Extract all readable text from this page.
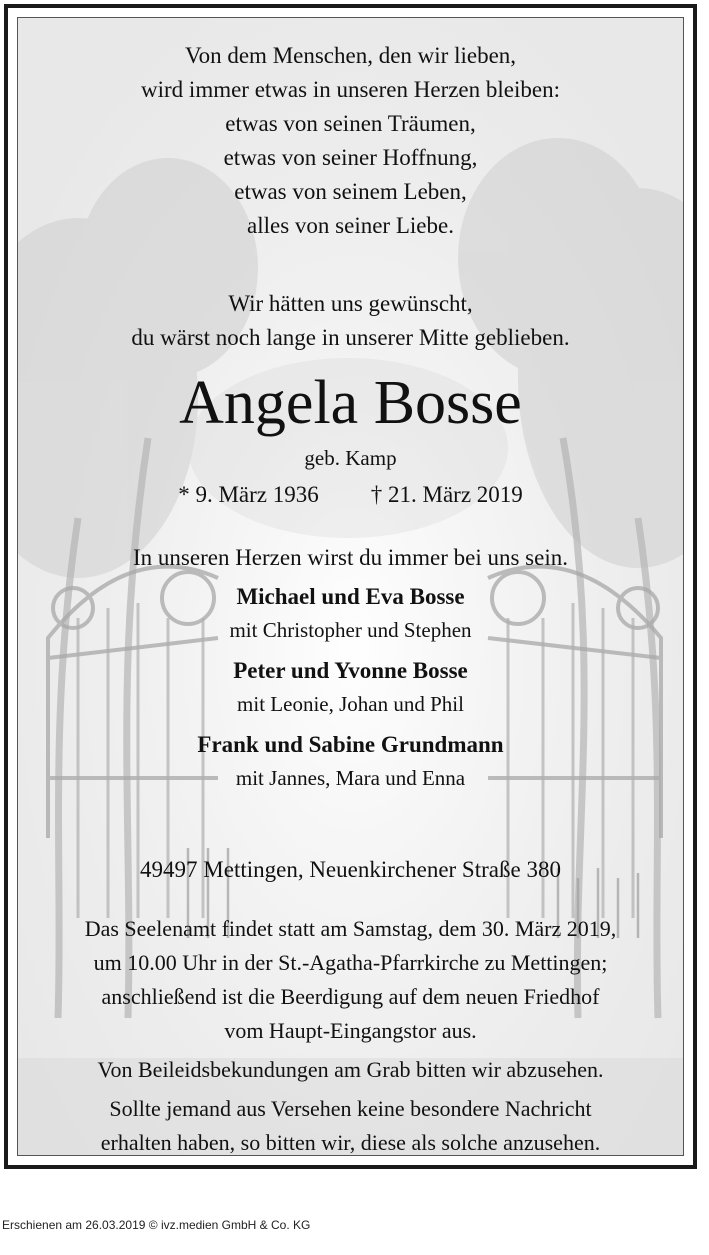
Von dem Menschen, den wir lieben,
wird immer etwas in unseren Herzen bleiben:
etwas von seinen Träumen,
etwas von seiner Hoffnung,
etwas von seinem Leben,
alles von seiner Liebe.
Wir hätten uns gewünscht,
du wärst noch lange in unserer Mitte geblieben.
Angela Bosse
geb. Kamp
* 9. März 1936 † 21. März 2019
In unseren Herzen wirst du immer bei uns sein.
Michael und Eva Bosse
mit Christopher und Stephen
Peter und Yvonne Bosse
mit Leonie, Johan und Phil
Frank und Sabine Grundmann
mit Jannes, Mara und Enna
49497 Mettingen, Neuenkirchener Straße 380
Das Seelenamt findet statt am Samstag, dem 30. März 2019,
um 10.00 Uhr in der St.-Agatha-Pfarrkirche zu Mettingen;
anschließend ist die Beerdigung auf dem neuen Friedhof
vom Haupt-Eingangstor aus.
Von Beileidsbekundungen am Grab bitten wir abzusehen.
Sollte jemand aus Versehen keine besondere Nachricht
erhalten haben, so bitten wir, diese als solche anzusehen.
Erschienen am 26.03.2019 © ivz.medien GmbH & Co. KG
